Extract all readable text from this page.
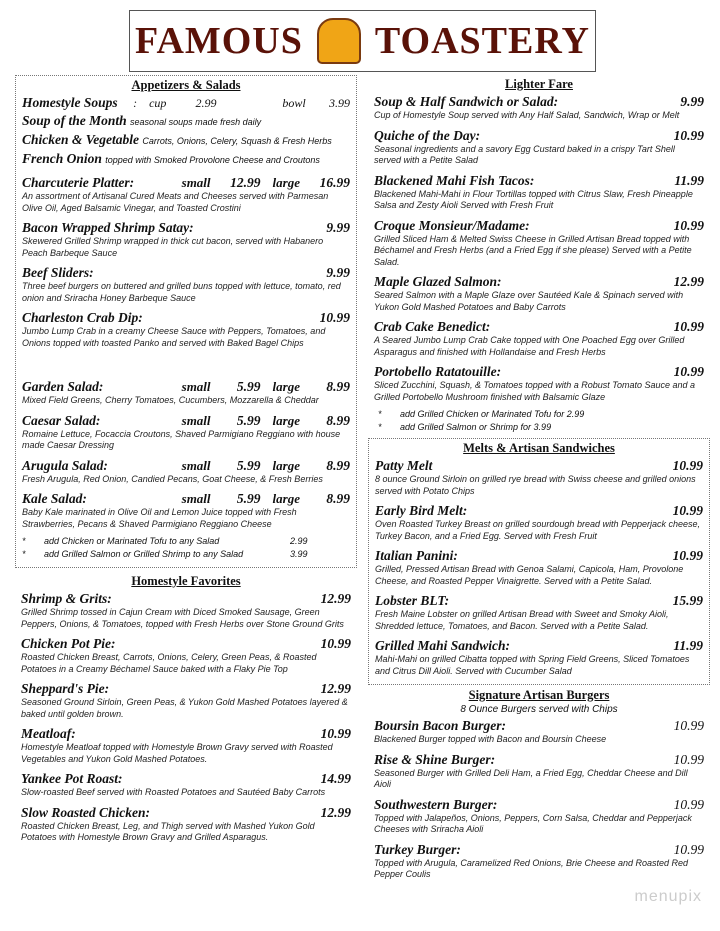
FAMOUS TOASTERY
Appetizers & Salads
Homestyle Soups	: cup	2.99	bowl	3.99
Soup of the Month seasonal soups made fresh daily
Chicken & Vegetable Carrots, Onions, Celery, Squash & Fresh Herbs
French Onion topped with Smoked Provolone Cheese and Croutons
Charcuterie Platter:	small	12.99 large	16.99
An assortment of Artisanal Cured Meats and Cheeses served with Parmesan Olive Oil, Aged Balsamic Vinegar, and Toasted Crostini
Bacon Wrapped Shrimp Satay:	9.99
Skewered Grilled Shrimp wrapped in thick cut bacon, served with Habanero Peach Barbeque Sauce
Beef Sliders:	9.99
Three beef burgers on buttered and grilled buns topped with lettuce, tomato, red onion and Sriracha Honey Barbeque Sauce
Charleston Crab Dip:	10.99
Jumbo Lump Crab in a creamy Cheese Sauce with Peppers, Tomatoes, and Onions topped with toasted Panko and served with Baked Bagel Chips
Garden Salad:	small	5.99 large	8.99
Mixed Field Greens, Cherry Tomatoes, Cucumbers, Mozzarella & Cheddar
Caesar Salad:	small	5.99 large	8.99
Romaine Lettuce, Focaccia Croutons, Shaved Parmigiano Reggiano with house made Caesar Dressing
Arugula Salad:	small	5.99 large	8.99
Fresh Arugula, Red Onion, Candied Pecans, Goat Cheese, & Fresh Berries
Kale Salad:	small	5.99 large	8.99
Baby Kale marinated in Olive Oil and Lemon Juice topped with Fresh Strawberries, Pecans & Shaved Parmigiano Reggiano Cheese
*	add Chicken or Marinated Tofu to any Salad	2.99
*	add Grilled Salmon or Grilled Shrimp to any Salad	3.99
Homestyle Favorites
Shrimp & Grits:	12.99
Grilled Shrimp tossed in Cajun Cream with Diced Smoked Sausage, Green Peppers, Onions, & Tomatoes, topped with Fresh Herbs over Stone Ground Grits
Chicken Pot Pie:	10.99
Roasted Chicken Breast, Carrots, Onions, Celery, Green Peas, & Roasted Potatoes in a Creamy Béchamel Sauce baked with a Flaky Pie Top
Sheppard's Pie:	12.99
Seasoned Ground Sirloin, Green Peas, & Yukon Gold Mashed Potatoes layered & baked until golden brown.
Meatloaf:	10.99
Homestyle Meatloaf topped with Homestyle Brown Gravy served with Roasted Vegetables and Yukon Gold Mashed Potatoes.
Yankee Pot Roast:	14.99
Slow-roasted Beef served with Roasted Potatoes and Sautéed Baby Carrots
Slow Roasted Chicken:	12.99
Roasted Chicken Breast, Leg, and Thigh served with Mashed Yukon Gold Potatoes with Homestyle Brown Gravy and Grilled Asparagus.
Lighter Fare
Soup & Half Sandwich or Salad:	9.99
Cup of Homestyle Soup served with Any Half Salad, Sandwich, Wrap or Melt
Quiche of the Day:	10.99
Seasonal ingredients and a savory Egg Custard baked in a crispy Tart Shell served with a Petite Salad
Blackened Mahi Fish Tacos:	11.99
Blackened Mahi-Mahi in Flour Tortillas topped with Citrus Slaw, Fresh Pineapple Salsa and Zesty Aioli Served with Fresh Fruit
Croque Monsieur/Madame:	10.99
Grilled Sliced Ham & Melted Swiss Cheese in Grilled Artisan Bread topped with Béchamel and Fresh Herbs (and a Fried Egg if she please) Served with a Petite Salad.
Maple Glazed Salmon:	12.99
Seared Salmon with a Maple Glaze over Sautéed Kale & Spinach served with Yukon Gold Mashed Potatoes and Baby Carrots
Crab Cake Benedict:	10.99
A Seared Jumbo Lump Crab Cake topped with One Poached Egg over Grilled Asparagus and finished with Hollandaise and Fresh Herbs
Portobello Ratatouille:	10.99
Sliced Zucchini, Squash, & Tomatoes topped with a Robust Tomato Sauce and a Grilled Portobello Mushroom finished with Balsamic Glaze
*	add Grilled Chicken or Marinated Tofu for 2.99
*	add Grilled Salmon or Shrimp for 3.99
Melts & Artisan Sandwiches
Patty Melt	10.99
8 ounce Ground Sirloin on grilled rye bread with Swiss cheese and grilled onions served with Potato Chips
Early Bird Melt:	10.99
Oven Roasted Turkey Breast on grilled sourdough bread with Pepperjack cheese, Turkey Bacon, and a Fried Egg. Served with Fresh Fruit
Italian Panini:	10.99
Grilled, Pressed Artisan Bread with Genoa Salami, Capicola, Ham, Provolone Cheese, and Roasted Pepper Vinaigrette. Served with a Petite Salad.
Lobster BLT:	15.99
Fresh Maine Lobster on grilled Artisan Bread with Sweet and Smoky Aioli, Shredded lettuce, Tomatoes, and Bacon. Served with a Petite Salad.
Grilled Mahi Sandwich:	11.99
Mahi-Mahi on grilled Cibatta topped with Spring Field Greens, Sliced Tomatoes and Citrus Dill Aioli. Served with Cucumber Salad
Signature Artisan Burgers
8 Ounce Burgers served with Chips
Boursin Bacon Burger:	10.99
Blackened Burger topped with Bacon and Boursin Cheese
Rise & Shine Burger:	10.99
Seasoned Burger with Grilled Deli Ham, a Fried Egg, Cheddar Cheese and Dill Aioli
Southwestern Burger:	10.99
Topped with Jalapeños, Onions, Peppers, Corn Salsa, Cheddar and Pepperjack Cheeses with Sriracha Aioli
Turkey Burger:	10.99
Topped with Arugula, Caramelized Red Onions, Brie Cheese and Roasted Red Pepper Coulis
menupix
